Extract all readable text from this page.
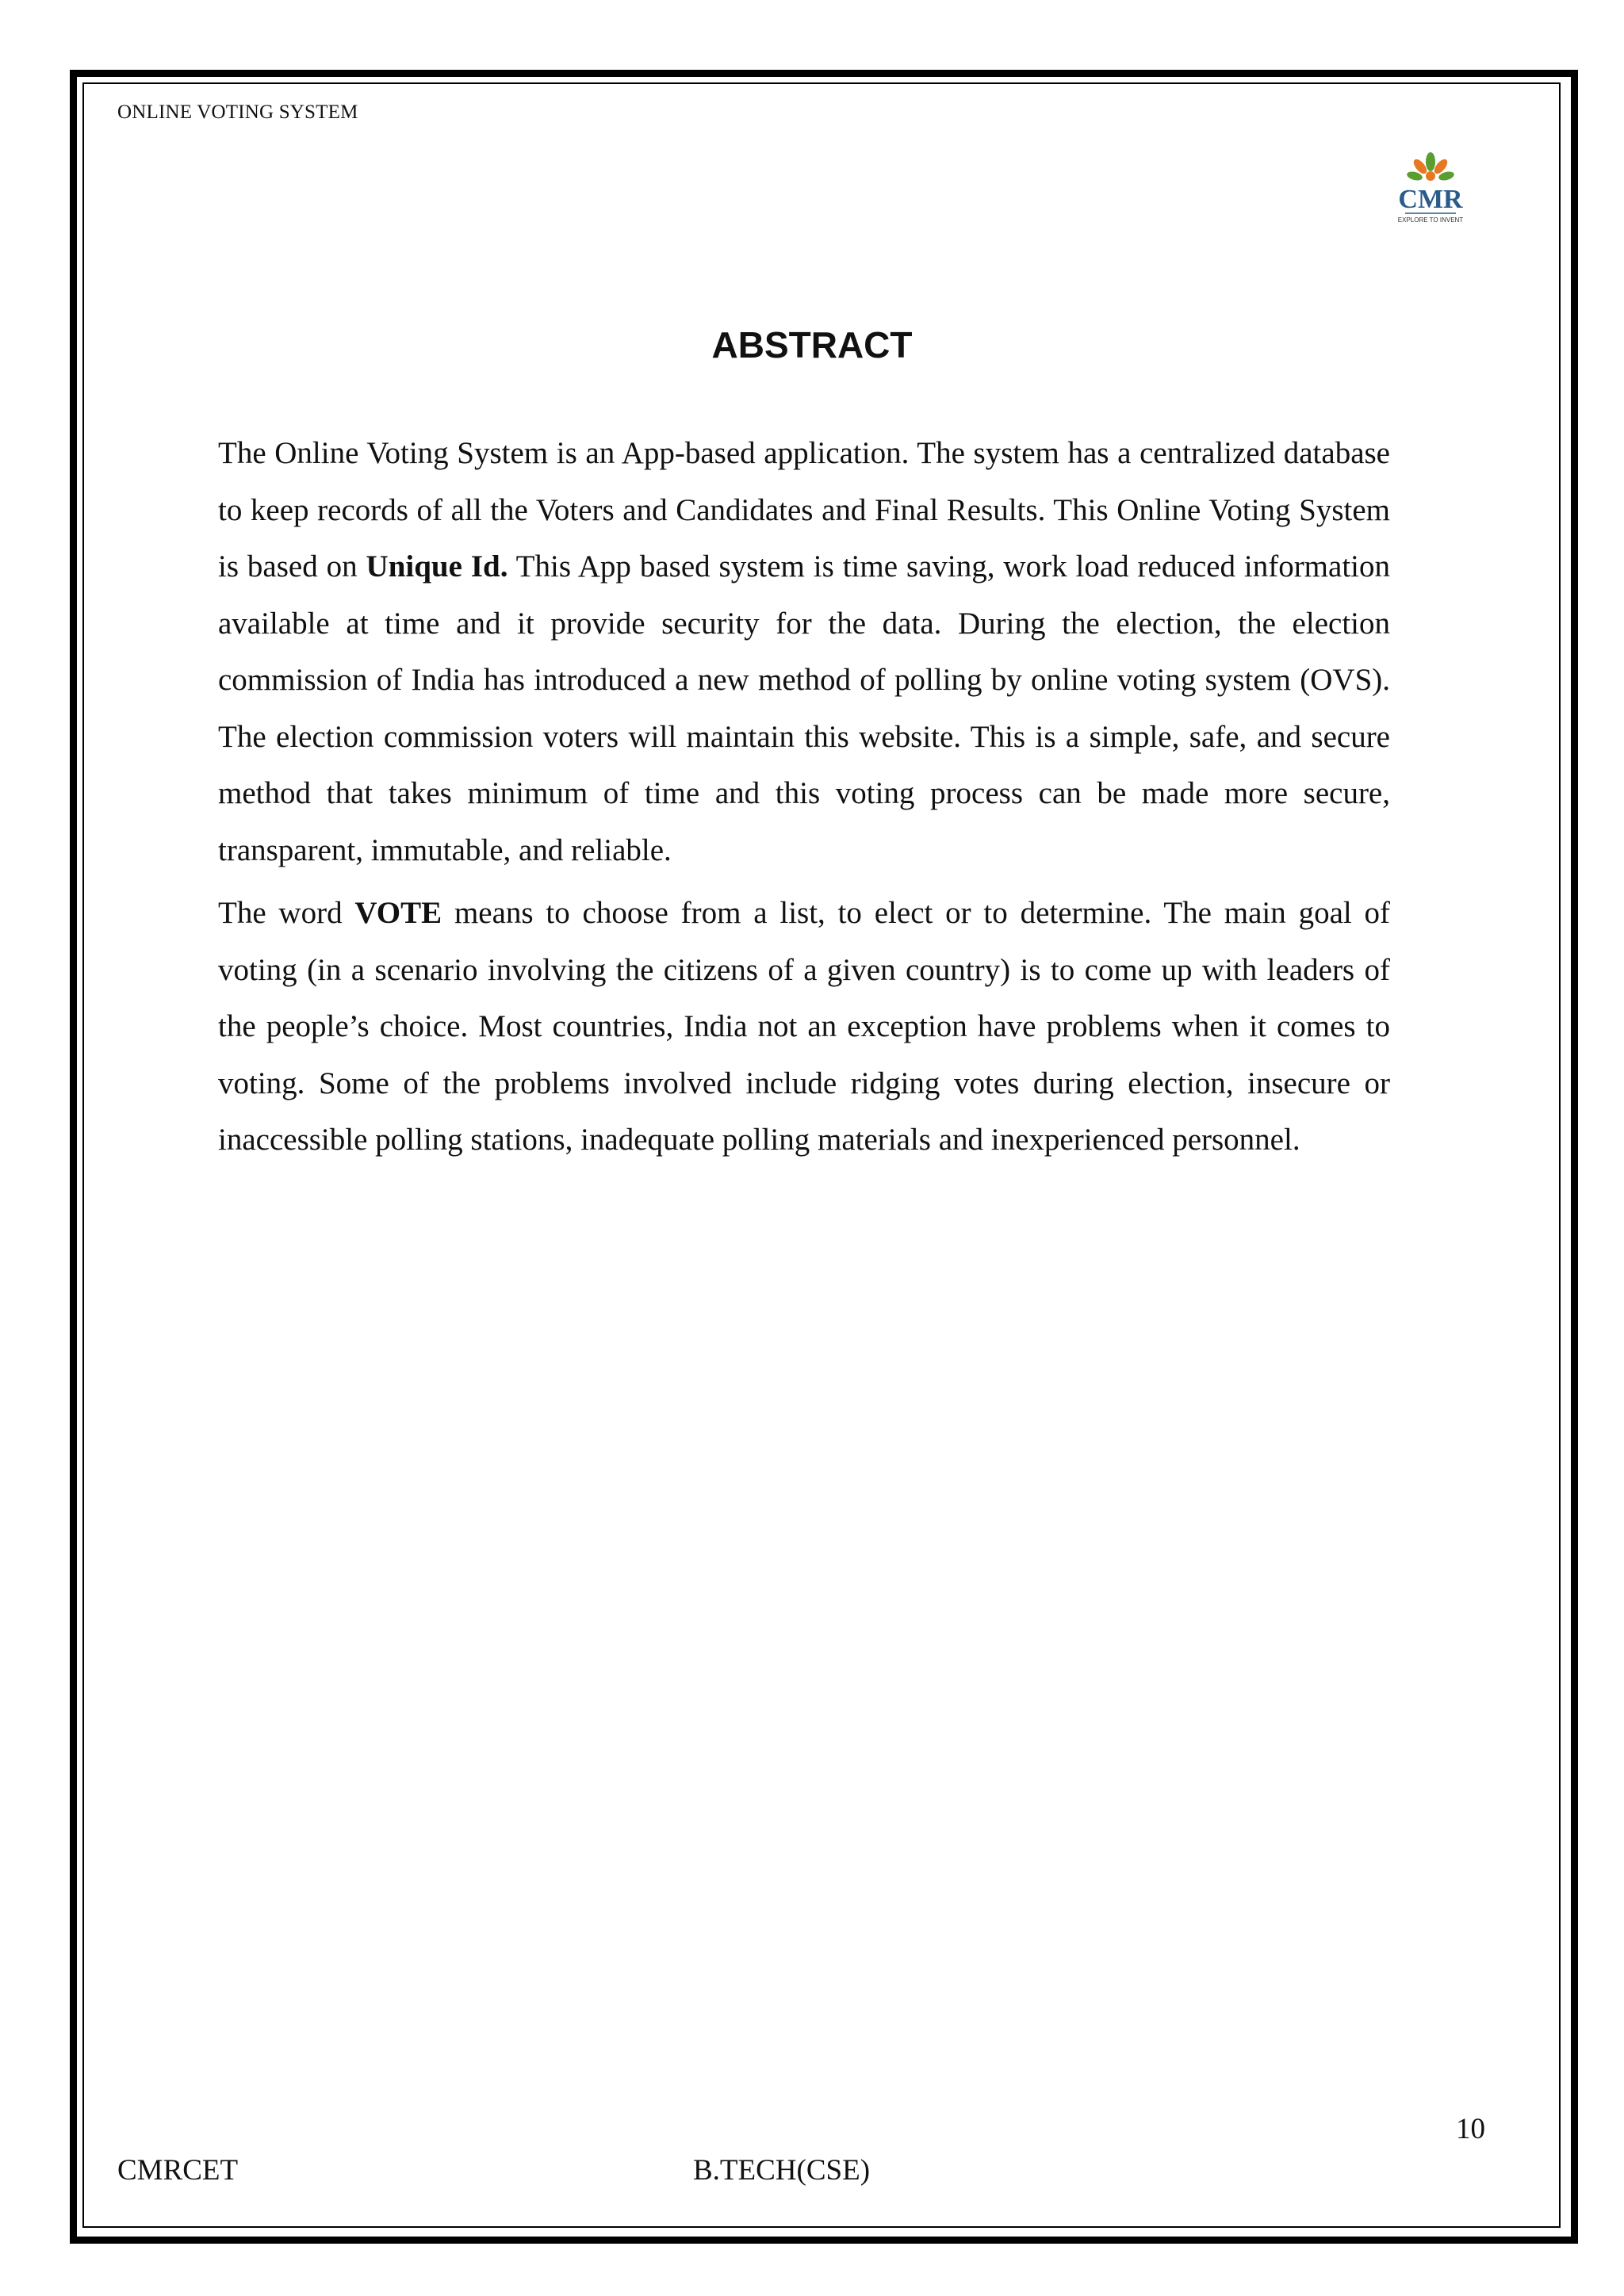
ONLINE VOTING SYSTEM
CMR
EXPLORE TO INVENT
ABSTRACT

The Online Voting System is an App-based application. The system has a centralized database to keep records of all the Voters and Candidates and Final Results. This Online Voting System is based on Unique Id. This App based system is time saving, work load reduced information available at time and it provide security for the data. During the election, the election commission of India has introduced a new method of polling by online voting system (OVS). The election commission voters will maintain this website. This is a simple, safe, and secure method that takes minimum of time and this voting process can be made more secure, transparent, immutable, and reliable.

The word VOTE means to choose from a list, to elect or to determine. The main goal of voting (in a scenario involving the citizens of a given country) is to come up with leaders of the people’s choice. Most countries, India not an exception have problems when it comes to voting. Some of the problems involved include ridging votes during election, insecure or inaccessible polling stations, inadequate polling materials and inexperienced personnel.

10
CMRCET	B.TECH(CSE)
